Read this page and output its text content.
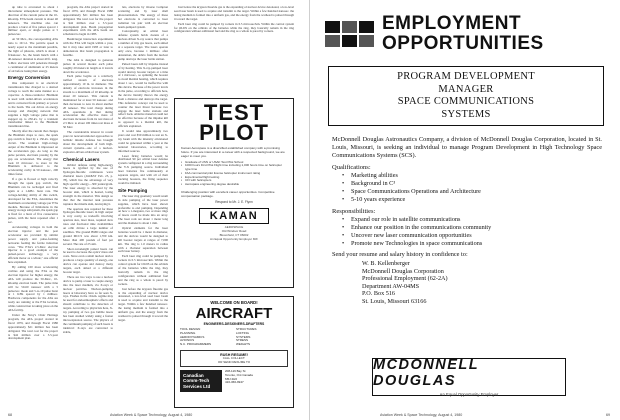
up tube is evacuated to about 1 micrometer atmospheric pressure. The direction of the current pulse in the 10-kilostrip. ETA beam current is about 40 nanosecs. The machine also can produce a burst of five pulses spaced 1 millisec apart, or single pulses at 5 pulses/sec.

At 50 Mev., the corresponding ATA ratio is 10/1.2. The particle speed is nearly equal to the maximum possible, the light of photons, which is about 1 ft/nanosec. So, the beam bunch with a 40-nanosec duration is about 40 ft. long. 5-Mev. electrons will penetrate through a centimeter of aluminum or 25 meters of air before losing their energy.

Energy Conversion

One component is an electrical transmission line charged to a desired voltage to reach the same manner as a capacitor. A three-conductor Blumlein is used with radial-driven accelerators and is converted from primary ac power to the beam. The out drives an energy storage and charging network that supplies a high voltage pulse that is stepped up to 250-kv. by a transient transformer linked to the Blumlein transmission line.

Shortly after the current that charges the Blumlein drops to zero, the spark gap switch is fired by a 150-kv. trigger circuit. The resultant high-voltage output of the Blumlein is impressed on the acceleration gap. As long as the pulse persists, electrons passing by the gap are accelerated. The energy that took 10 microsec. to store in the Blumlein is delivered to the accelerating cavity in 50 nanosec., 200 times faster.

If a gas is flowed at high velocity through the spark gap switch, the Blumlein can be recharged and fired again at a 1-KHz. burst rate. The voltage-holding ability of this switch, developed for the ETA, determines the maximum accelerating voltage per ETA module. Because of limitations in the energy storage subsystem, the spark gap is fired for a burst of five consecutive pulses, with the burst repeated after 1 sec.

Accelerating voltages in both the electron injector and the post accelerator are provided by similar power supply and pulse-forming networks feeding the ferrite induction cores. "The ETA's 2.5-Mev. electron injector is a good example of the pulsed-power technology, a very efficient motor as a whole," one official here explained.

By adding 100 more accelerating cavities and using the ETA as the electron injector for higher energy, the ATA will produce the 50-Mev., 10-kiloamp electron beam. The pulse time will be 50-60 nanosec with a 5 pulse/sec. mode and 5-to-10 pulse burst at 1 KHz spaced by 1 millisec. Hardware components for the ATA are ready are running at the ETA location, while construction is taking place on the ATA facility.

Under the Navy's Chair Heritage program, the ATA project started in fiscal 1979, and through Fiscal 1980 approximately $21 million has been obligated. The total cost for the project is $42 million over a 3.5-year development plan.

program, the ATA project started in fiscal 1979, and through Fiscal 1980 approximately $21 million has been obligated. The total cost for the project is $42 million over a 3.5-year development plan. Beam propagation experiments with the ATA beam are scheduled to begin in 1983.

Beam/target interaction experiments with the ETA will begin within a year, but it may take until 1983 or later to demonstrate that beam propagation is feasible.

The ATA is designed to generate pulses in several modes: each pulse roughly 20 meters in length as it travels down the accelerator.

Each pulse begins as a relatively rarified stream of electrons approximately 10 m. in diameter. The density of electrons increases in the stream to a maximum of 10 kiloamp. in about 20 nanosec. This current is maintained for at least 50 nanosec. and then decreases to zero in about another 20 nanosec. The total charge during ATA operations is that during acceleration the effective mass of electrons increases from its rest mass of 2.5 Mev. to about 100 times rest mass at 50 Mev.

The considerable interest in recent years in nonconventional approaches to ballistic missile defense has brought about the development of both high-current systems—one of a nuclear-explosive-driven orbital laser system.

Chemical Lasers

Orbital defense using high-energy lasers is typified by the use of hydrogen-fluoride continuous wave chemical lasers (AW&ST Feb. 25, p. 78), which has the advantage of very high specific energy—300 joules/gram. The laser energy is absorbed by the booster skin, which is heated, losing strength in the material. This design so that that the internal tank pressure ruptures the missile skin, destroying it.

The aperture size required for these hydrogen-fluoride lasers in high output is very costly, so tradeoffs involving aperture size, laser mass, required slew rates and fractional time availabilities on orbit dictate a large number of satellites. The ground BMD ranges and ground MCCS was about 1,700 km. More than 400 pounds of fuel per second. The rate of 25 atm.

Short-wavelength pulsed lasers can be used to decrease the optics' mass and costs. Since even a small nuclear device produces a large quantity of energy, one device can operate and destroy many targets, each aimed at a different booster target.

There are two ways to use a nuclear device to pump a laser to couple energy into the laser medium, via X-rays or nuclear particles. Nuclear-pumping lasers at laboratory have so far seen X-rays. Flashes in the 10-km. regime may be used for endoatmospheric effects and should contribute to the detection of targets. According to physicists here, X-ray pumping of two gas bubble lasers has been studied widely using a fusion microexplosion source. The physics of the continuum pumping of such lasers is identical: X-rays are converted to stable,

lets, electrons by inverse Compton scattering and by laser shell photoionization. The energy of these hot electrons is converted to laser radiation via pair with an electron beam-pumped system.

Conceptually, an orbital laser defense system holds dozens of a nuclear-driven X-ray source that pumps a number of tiny gas lasers, each aimed at a separate target. The lasers operate only once, because 1 millisec. after detonation, the debris from the nuclear pump destroys the laser battle station.

Pulsed lasers kill by impulse instead of by heating. This X-ray-pumped laser would destroy booster targets at a time of 1 microsec., so spinning the booster to avoid thermal heating, which requires about 1 sec., would be ineffective with this device. Because of the power levels in the pulse, according to officials here, the device literally throws the energy from a distance and destroys the target. This defensive concept can be used to counter the laser threat because two engage the laser battle stations and reflect back. Ablative material could not be effective because of the impulse kill as opposed to a thermal kill, the officials explained.

It would take approximately two years and cost $50 million to test an X-ray beam with the intensity envisioned could be generated within a year at the national laboratories, according to informed sources.

Laser firing batteries would be distributed 90 per orbital laser defense system configured in a ring surrounding the Y-X pumping source. Individual laser batteries fire continuously at separate targets, and with all of their tracking boosters, the firing sequence would be initiated.

Site Pumping

The laser ring geometry would result in side pumping of the laser power supplies, which have been shown preferable to end pumping. Depending on how a 1-megaton, two or more rings of lasers could be made into an array. The laser rods are about 1 meter long and the diameter is about 1 mm.

Optical elements for the laser batteries would be 1 meter in diameter, and the devices would be designed to kill booster targets at ranges of 7,000 km. The ring is 1.0 meters in radius with a 16-meter separation between each laser battery.

Each laser ring could be pumped by rockets in 0.5 microsec/km. Within the control system for OLDS on the orbitals of the batteries while the ring, they basically remain in the ring configuration without additional fuel and the ring as a whole is pared by rockets.

Just before the krypton fluoride gas is the expanding of nuclear device detonated, a low-level seed laser beam is used to acquire and transmit to the target. Within a few hundred nanosec. the lasing medium is formed into a uniform gas, and the energy from the warhead is pulsed through it toward the target.

Just before the krypton fluoride gas is the expanding of nuclear device detonated, a low-level seed laser beam is used to acquire and transmit to the target. Within a few hundred nanosec. the lasing medium is formed into a uniform gas, and the energy from the warhead is pulsed through it toward the target.

Each laser ring could be pumped by rockets in 0.5 microsec/km. Within the control system for OLDS on the orbitals of the batteries while the ring, they basically remain in the ring configuration without additional fuel and the ring as a whole is pared by rockets.

TEST
PILOT
Kaman Aerospace is a diversified established company with a promising future. If you are interested in a career with a respected background, we are eager to meet you.
▪ Graduate of USN or USAF Test Pilot School
▪ 1000 hours First Pilot Flight time including 1,000 hours time on helicopter type time
▪ FAA commercial pilot license helicopter instrument rating
▪ Experimental flight testing
▪ CFI with helicopters
▪ Aerospace engineering degree desirable
Challenging position with excellent career opportunities. Competitive compensation package.
Respond to Mr. J. E. Flynn
KAMAN
AEROSPACE
Old Windsor Road
Bloomfield, CT 06002
An Equal Opportunity Employer M/F
WELCOME ON BOARD!
AIRCRAFT
ENGINEERS-DESIGNERS-DRAFTERS
TOOL DESIGN
PLANNING
AERODYNAMICS
AVIONICS
N.C. PROGRAMMERS
STRUCTURES
LOFTING
SYSTEMS
STRESS
WEIGHTS
RUSH RESUME!
CALL COLLECT:
OR SEND RESUME TO
Canadian
Comm-Tech
Services Ltd
208-119 Bay St
Toronto, Ont Canada
M5J 2H6
416-366-9947
68	Aviation Week & Space Technology, August 4, 1980
EMPLOYMENT
OPPORTUNITIES
PROGRAM DEVELOPMENT
MANAGER
SPACE COMMUNICATIONS
SYSTEMS
McDonnell Douglas Astronautics Company, a division of McDonnell Douglas Corporation, located in St. Louis, Missouri, is seeking an individual to manage Program Development in High Technology Space Communications Systems (SCS).
Qualifications:
• Marketing abilities
• Background in C³
• Space Communications Operations and Architecture
• 5-10 years experience
Responsibilities:
• Expand our role in satellite communications
• Enhance our position in the communications community
• Uncover new laser communication opportunities
• Promote new Technologies in space communications
Send your resume and salary history in confidence to:
W. B. Kellenberger
McDonnell Douglas Corporation
Professional Employment (62-2A)
Department AW-04MS
P.O. Box 516
St. Louis, Missouri 63166
MCDONNELL DOUGLAS
An Equal Opportunity Employer
Aviation Week & Space Technology, August 4, 1980	69
